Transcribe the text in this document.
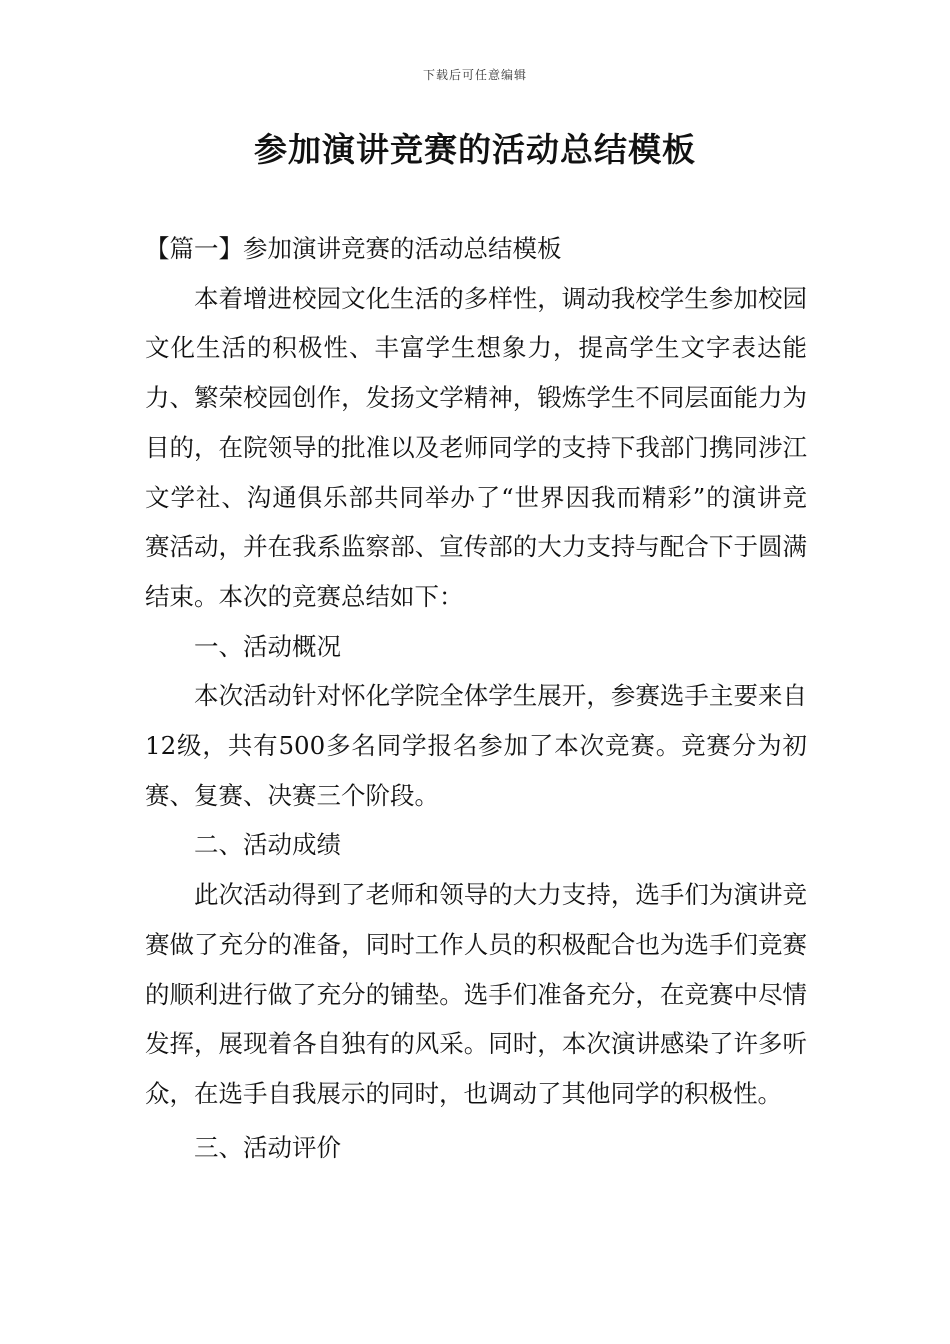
下载后可任意编辑
参加演讲竞赛的活动总结模板

【篇一】参加演讲竞赛的活动总结模板

本着增进校园文化生活的多样性，调动我校学生参加校园文化生活的积极性、丰富学生想象力，提高学生文字表达能力、繁荣校园创作，发扬文学精神，锻炼学生不同层面能力为目的，在院领导的批准以及老师同学的支持下我部门携同涉江文学社、沟通俱乐部共同举办了“世界因我而精彩”的演讲竞赛活动，并在我系监察部、宣传部的大力支持与配合下于圆满结束。本次的竞赛总结如下：

一、活动概况

本次活动针对怀化学院全体学生展开，参赛选手主要来自12级，共有500多名同学报名参加了本次竞赛。竞赛分为初赛、复赛、决赛三个阶段。

二、活动成绩

此次活动得到了老师和领导的大力支持，选手们为演讲竞赛做了充分的准备，同时工作人员的积极配合也为选手们竞赛的顺利进行做了充分的铺垫。选手们准备充分，在竞赛中尽情发挥，展现着各自独有的风采。同时，本次演讲感染了许多听众，在选手自我展示的同时，也调动了其他同学的积极性。

三、活动评价
